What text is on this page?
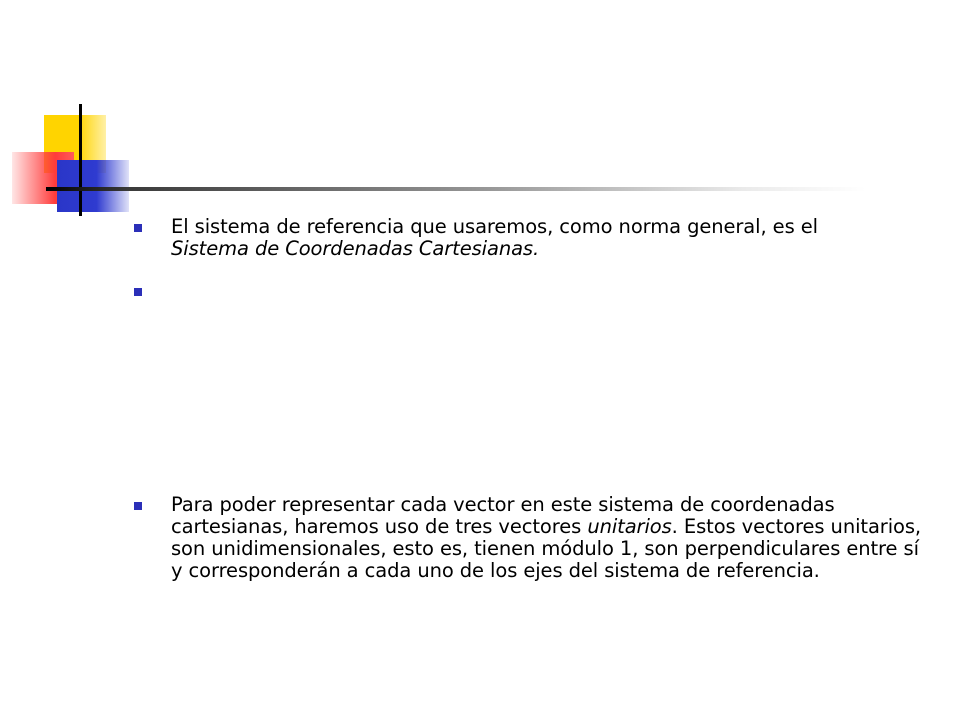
El sistema de referencia que usaremos, como norma general, es el
Sistema de Coordenadas Cartesianas.
Para poder representar cada vector en este sistema de coordenadas cartesianas, haremos uso de tres vectores unitarios. Estos vectores unitarios, son unidimensionales, esto es, tienen módulo 1, son perpendiculares entre sí y corresponderán a cada uno de los ejes del sistema de referencia.
